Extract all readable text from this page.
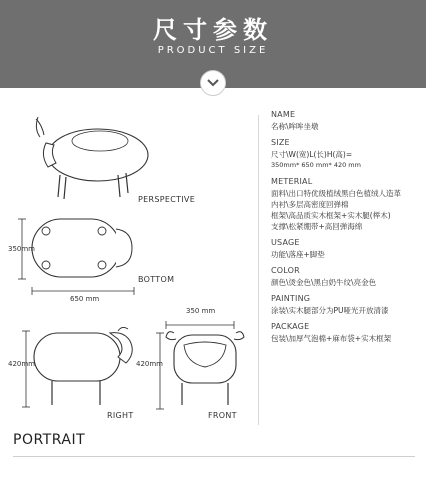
尺寸参数
PRODUCT SIZE
PERSPECTIVE
350mm
650 mm
BOTTOM
420mm
RIGHT
350 mm
420mm
FRONT
NAME
名称\哞哞坐墩
SIZE
尺寸\W(宽)L(长)H(高)=
350mm* 650 mm* 420 mm
METERIAL
面料\出口特优级植绒黑白色植绒人造革
内衬\多层高密度回弹棉
框架\高品质实木框架+实木腿(榉木)
支撑\松紧绷带+高回弹海绵
USAGE
功能\落座+脚垫
COLOR
颜色\烫金色\黑白奶牛纹\亮金色
PAINTING
涂装\实木腿部分为PU哑光开放清漆
PACKAGE
包装\加厚气泡棉+麻布袋+实木框架
PORTRAIT
